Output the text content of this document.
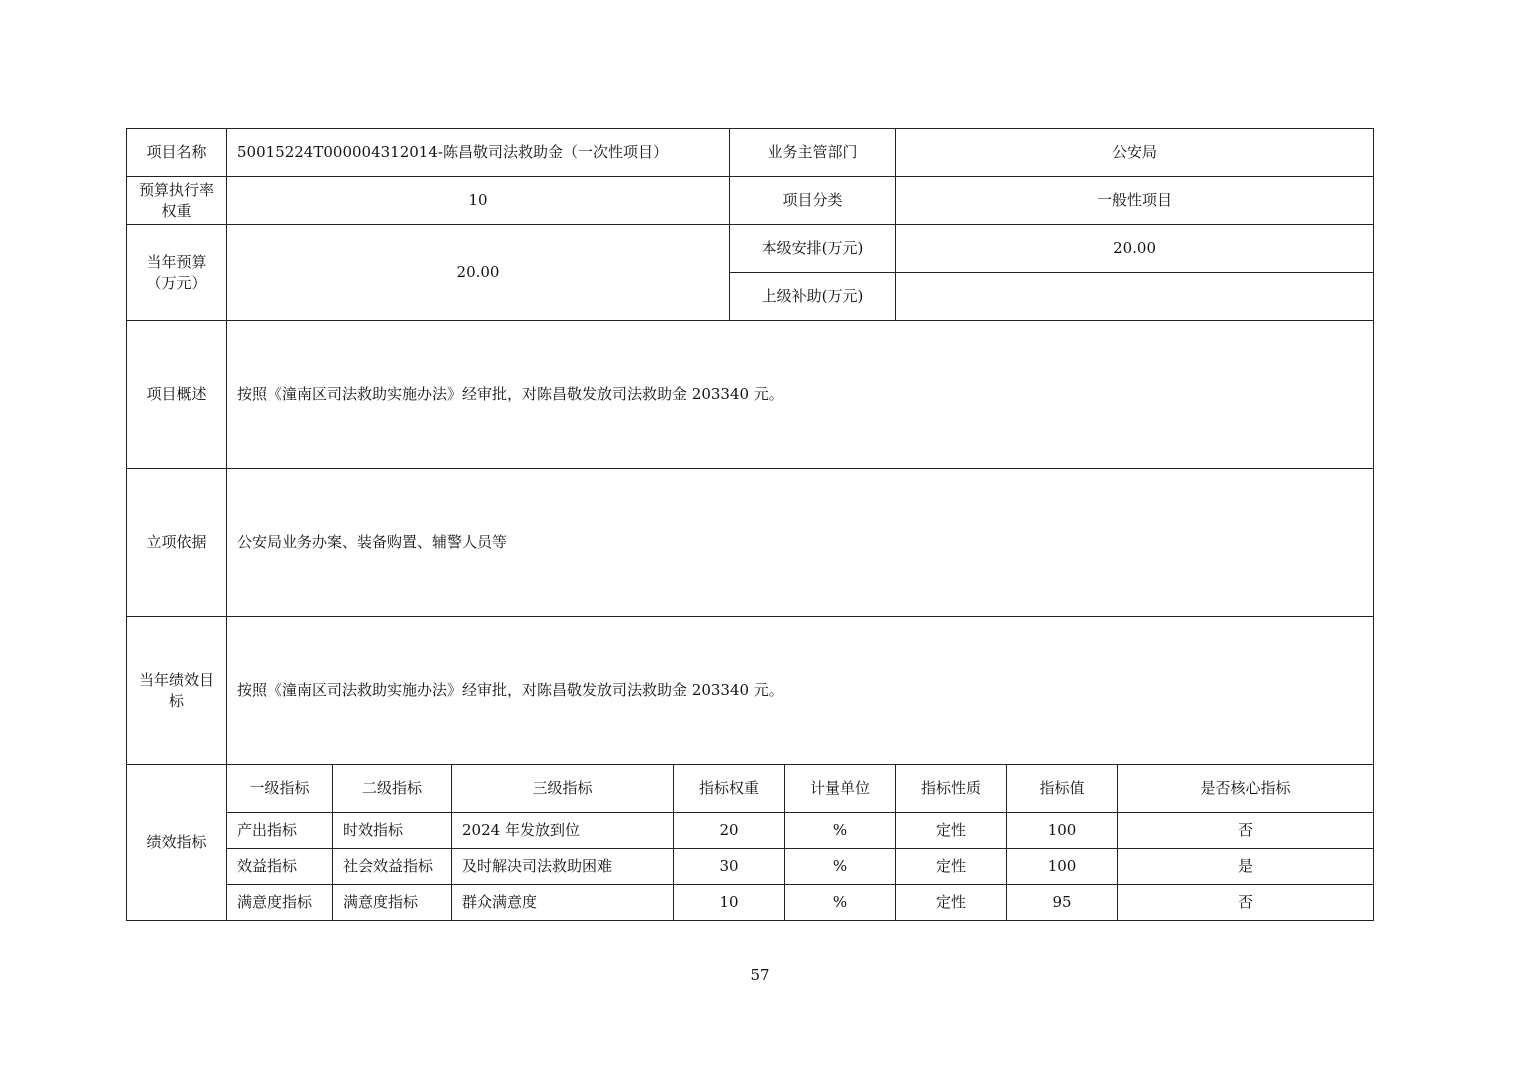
项目名称	50015224T000004312014-陈昌敬司法救助金（一次性项目）				业务主管部门		公安局		
预算执行率权重	10				项目分类		一般性项目		
当年预算（万元）	20.00				本级安排(万元)		20.00		
					上级补助(万元)				
项目概述	按照《潼南区司法救助实施办法》经审批，对陈昌敬发放司法救助金 203340 元。								
立项依据	公安局业务办案、装备购置、辅警人员等								
当年绩效目标	按照《潼南区司法救助实施办法》经审批，对陈昌敬发放司法救助金 203340 元。								
绩效指标	一级指标	二级指标	三级指标	指标权重		计量单位	指标性质	指标值	是否核心指标
	产出指标	时效指标	2024 年发放到位	20		%	定性	100	否
	效益指标	社会效益指标	及时解决司法救助困难	30		%	定性	100	是
	满意度指标	满意度指标	群众满意度	10		%	定性	95	否
57
